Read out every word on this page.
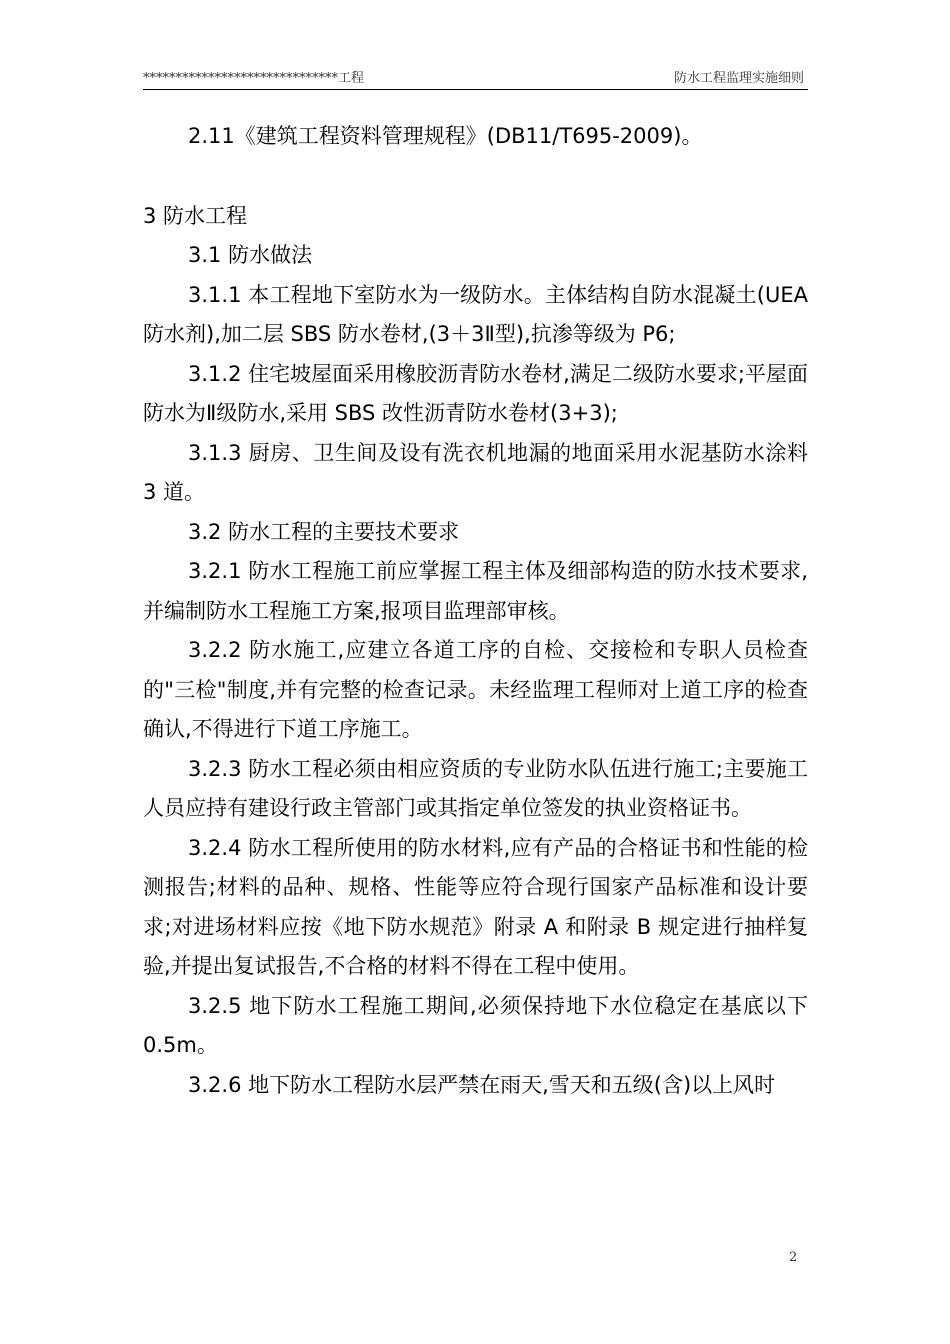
******************************工程	防水工程监理实施细则

2.11《建筑工程资料管理规程》(DB11/T695-2009)。

3 防水工程

3.1 防水做法

3.1.1 本工程地下室防水为一级防水。主体结构自防水混凝土(UEA 防水剂),加二层 SBS 防水卷材,(3＋3Ⅱ型),抗渗等级为 P6;

3.1.2 住宅坡屋面采用橡胶沥青防水卷材,满足二级防水要求;平屋面防水为Ⅱ级防水,采用 SBS 改性沥青防水卷材(3+3);

3.1.3 厨房、卫生间及设有洗衣机地漏的地面采用水泥基防水涂料 3 道。

3.2 防水工程的主要技术要求

3.2.1 防水工程施工前应掌握工程主体及细部构造的防水技术要求,并编制防水工程施工方案,报项目监理部审核。

3.2.2 防水施工,应建立各道工序的自检、交接检和专职人员检查的"三检"制度,并有完整的检查记录。未经监理工程师对上道工序的检查确认,不得进行下道工序施工。

3.2.3 防水工程必须由相应资质的专业防水队伍进行施工;主要施工人员应持有建设行政主管部门或其指定单位签发的执业资格证书。

3.2.4 防水工程所使用的防水材料,应有产品的合格证书和性能的检测报告;材料的品种、规格、性能等应符合现行国家产品标准和设计要求;对进场材料应按《地下防水规范》附录 A 和附录 B 规定进行抽样复验,并提出复试报告,不合格的材料不得在工程中使用。

3.2.5 地下防水工程施工期间,必须保持地下水位稳定在基底以下 0.5m。

3.2.6 地下防水工程防水层严禁在雨天,雪天和五级(含)以上风时

2
